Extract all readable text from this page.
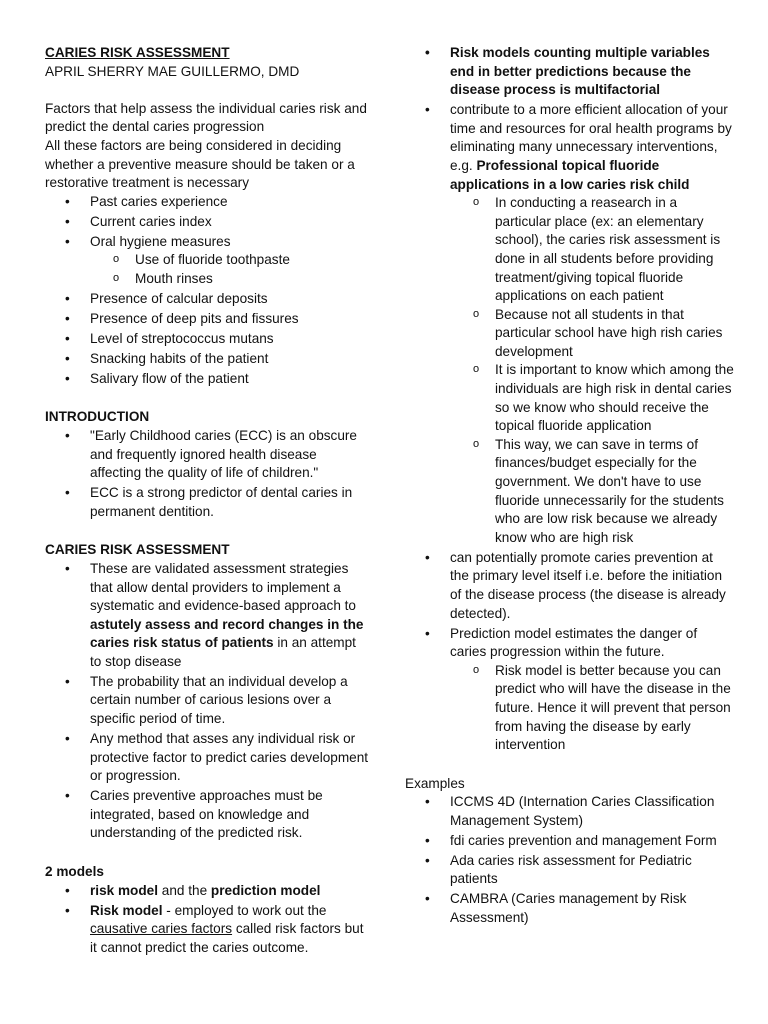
CARIES RISK ASSESSMENT

APRIL SHERRY MAE GUILLERMO, DMD

Factors that help assess the individual caries risk and predict the dental caries progression

All these factors are being considered in deciding whether a preventive measure should be taken or a restorative treatment is necessary

• Past caries experience
• Current caries index
• Oral hygiene measures
o Use of fluoride toothpaste
o Mouth rinses
• Presence of calcular deposits
• Presence of deep pits and fissures
• Level of streptococcus mutans
• Snacking habits of the patient
• Salivary flow of the patient

INTRODUCTION

• "Early Childhood caries (ECC) is an obscure and frequently ignored health disease affecting the quality of life of children."
• ECC is a strong predictor of dental caries in permanent dentition.

CARIES RISK ASSESSMENT

• These are validated assessment strategies that allow dental providers to implement a systematic and evidence-based approach to astutely assess and record changes in the caries risk status of patients in an attempt to stop disease
• The probability that an individual develop a certain number of carious lesions over a specific period of time.
• Any method that asses any individual risk or protective factor to predict caries development or progression.
• Caries preventive approaches must be integrated, based on knowledge and understanding of the predicted risk.

2 models

• risk model and the prediction model
• Risk model - employed to work out the causative caries factors called risk factors but it cannot predict the caries outcome.
• Risk models counting multiple variables end in better predictions because the disease process is multifactorial
• contribute to a more efficient allocation of your time and resources for oral health programs by eliminating many unnecessary interventions, e.g. Professional topical fluoride applications in a low caries risk child
o In conducting a reasearch in a particular place (ex: an elementary school), the caries risk assessment is done in all students before providing treatment/giving topical fluoride applications on each patient
o Because not all students in that particular school have high rish caries development
o It is important to know which among the individuals are high risk in dental caries so we know who should receive the topical fluoride application
o This way, we can save in terms of finances/budget especially for the government. We don't have to use fluoride unnecessarily for the students who are low risk because we already know who are high risk
• can potentially promote caries prevention at the primary level itself i.e. before the initiation of the disease process (the disease is already detected).
• Prediction model estimates the danger of caries progression within the future.
o Risk model is better because you can predict who will have the disease in the future. Hence it will prevent that person from having the disease by early intervention

Examples

• ICCMS 4D (Internation Caries Classification Management System)
• fdi caries prevention and management Form
• Ada caries risk assessment for Pediatric patients
• CAMBRA (Caries management by Risk Assessment)
